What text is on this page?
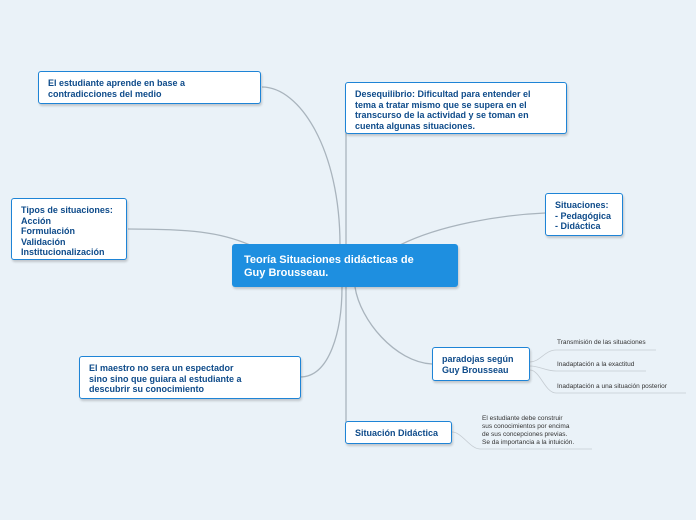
El estudiante aprende en base a
contradicciones del medio	Desequilibrio: Dificultad para entender el
tema a tratar mismo que se supera en el
transcurso de la actividad y se toman en
cuenta algunas situaciones.
Tipos de situaciones:
Acción
Formulación
Validación
Institucionalización
Situaciones:
- Pedagógica
- Didáctica
Teoría Situaciones didácticas de
Guy Brousseau.
El maestro no sera un espectador
sino sino que guiara al estudiante a
descubrir su conocimiento
paradojas según
Guy Brousseau
Situación Didáctica
Transmisión de las situaciones
Inadaptación a la exactitud
Inadaptación a una situación posterior
El estudiante debe construir
sus conocimientos por encima
de sus concepciones previas.
Se da importancia a la intuición.
